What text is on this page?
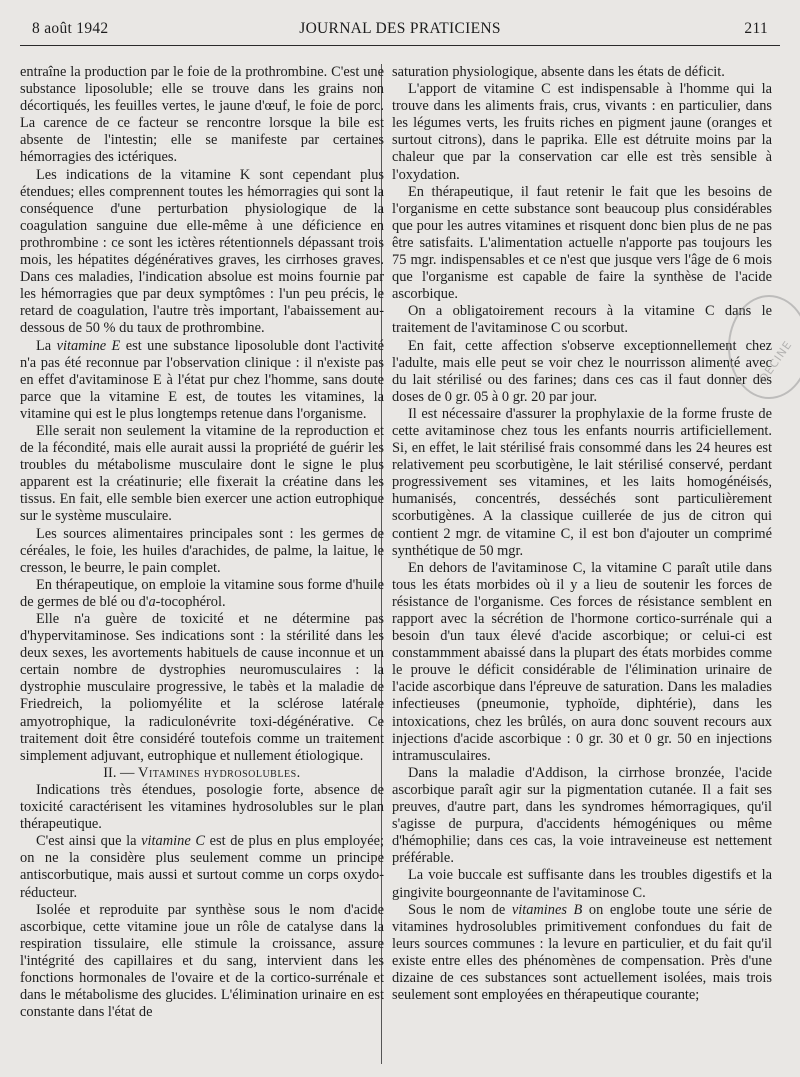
8 août 1942	JOURNAL DES PRATICIENS	211

entraîne la production par le foie de la prothrombine. C'est une substance liposoluble; elle se trouve dans les grains non décortiqués, les feuilles vertes, le jaune d'œuf, le foie de porc. La carence de ce facteur se rencontre lorsque la bile est absente de l'intestin; elle se manifeste par certaines hémorragies des ictériques.

Les indications de la vitamine K sont cependant plus étendues; elles comprennent toutes les hémorragies qui sont la conséquence d'une perturbation physiologique de la coagulation sanguine due elle-même à une déficience en prothrombine : ce sont les ictères rétentionnels dépassant trois mois, les hépatites dégénératives graves, les cirrhoses graves. Dans ces maladies, l'indication absolue est moins fournie par les hémorragies que par deux symptômes : l'un peu précis, le retard de coagulation, l'autre très important, l'abaissement au-dessous de 50 % du taux de prothrombine.

La vitamine E est une substance liposoluble dont l'activité n'a pas été reconnue par l'observation clinique : il n'existe pas en effet d'avitaminose E à l'état pur chez l'homme, sans doute parce que la vitamine E est, de toutes les vitamines, la vitamine qui est le plus longtemps retenue dans l'organisme.

Elle serait non seulement la vitamine de la reproduction et de la fécondité, mais elle aurait aussi la propriété de guérir les troubles du métabolisme musculaire dont le signe le plus apparent est la créatinurie; elle fixerait la créatine dans les tissus. En fait, elle semble bien exercer une action eutrophique sur le système musculaire.

Les sources alimentaires principales sont : les germes de céréales, le foie, les huiles d'arachides, de palme, la laitue, le cresson, le beurre, le pain complet.

En thérapeutique, on emploie la vitamine sous forme d'huile de germes de blé ou d'a-tocophérol.

Elle n'a guère de toxicité et ne détermine pas d'hypervitaminose. Ses indications sont : la stérilité dans les deux sexes, les avortements habituels de cause inconnue et un certain nombre de dystrophies neuromusculaires : la dystrophie musculaire progressive, le tabès et la maladie de Friedreich, la poliomyélite et la sclérose latérale amyotrophique, la radiculonévrite toxi-dégénérative. Ce traitement doit être considéré toutefois comme un traitement simplement adjuvant, eutrophique et nullement étiologique.

II. — Vitamines hydrosolubles.

Indications très étendues, posologie forte, absence de toxicité caractérisent les vitamines hydrosolubles sur le plan thérapeutique.

C'est ainsi que la vitamine C est de plus en plus employée; on ne la considère plus seulement comme un principe antiscorbutique, mais aussi et surtout comme un corps oxydo-réducteur.

Isolée et reproduite par synthèse sous le nom d'acide ascorbique, cette vitamine joue un rôle de catalyse dans la respiration tissulaire, elle stimule la croissance, assure l'intégrité des capillaires et du sang, intervient dans les fonctions hormonales de l'ovaire et de la cortico-surrénale et dans le métabolisme des glucides. L'élimination urinaire en est constante dans l'état de

saturation physiologique, absente dans les états de déficit.

L'apport de vitamine C est indispensable à l'homme qui la trouve dans les aliments frais, crus, vivants : en particulier, dans les légumes verts, les fruits riches en pigment jaune (oranges et surtout citrons), dans le paprika. Elle est détruite moins par la chaleur que par la conservation car elle est très sensible à l'oxydation.

En thérapeutique, il faut retenir le fait que les besoins de l'organisme en cette substance sont beaucoup plus considérables que pour les autres vitamines et risquent donc bien plus de ne pas être satisfaits. L'alimentation actuelle n'apporte pas toujours les 75 mgr. indispensables et ce n'est que jusque vers l'âge de 6 mois que l'organisme est capable de faire la synthèse de l'acide ascorbique.

On a obligatoirement recours à la vitamine C dans le traitement de l'avitaminose C ou scorbut.

En fait, cette affection s'observe exceptionnellement chez l'adulte, mais elle peut se voir chez le nourrisson alimenté avec du lait stérilisé ou des farines; dans ces cas il faut donner des doses de 0 gr. 05 à 0 gr. 20 par jour.

Il est nécessaire d'assurer la prophylaxie de la forme fruste de cette avitaminose chez tous les enfants nourris artificiellement. Si, en effet, le lait stérilisé frais consommé dans les 24 heures est relativement peu scorbutigène, le lait stérilisé conservé, perdant progressivement ses vitamines, et les laits homogénéisés, humanisés, concentrés, desséchés sont particulièrement scorbutigènes. A la classique cuillerée de jus de citron qui contient 2 mgr. de vitamine C, il est bon d'ajouter un comprimé synthétique de 50 mgr.

En dehors de l'avitaminose C, la vitamine C paraît utile dans tous les états morbides où il y a lieu de soutenir les forces de résistance de l'organisme. Ces forces de résistance semblent en rapport avec la sécrétion de l'hormone cortico-surrénale qui a besoin d'un taux élevé d'acide ascorbique; or celui-ci est constammment abaissé dans la plupart des états morbides comme le prouve le déficit considérable de l'élimination urinaire de l'acide ascorbique dans l'épreuve de saturation. Dans les maladies infectieuses (pneumonie, typhoïde, diphtérie), dans les intoxications, chez les brûlés, on aura donc souvent recours aux injections d'acide ascorbique : 0 gr. 30 et 0 gr. 50 en injections intramusculaires.

Dans la maladie d'Addison, la cirrhose bronzée, l'acide ascorbique paraît agir sur la pigmentation cutanée. Il a fait ses preuves, d'autre part, dans les syndromes hémorragiques, qu'il s'agisse de purpura, d'accidents hémogéniques ou même d'hémophilie; dans ces cas, la voie intraveineuse est nettement préférable.

La voie buccale est suffisante dans les troubles digestifs et la gingivite bourgeonnante de l'avitaminose C.

Sous le nom de vitamines B on englobe toute une série de vitamines hydrosolubles primitivement confondues du fait de leurs sources communes : la levure en particulier, et du fait qu'il existe entre elles des phénomènes de compensation. Près d'une dizaine de ces substances sont actuellement isolées, mais trois seulement sont employées en thérapeutique courante;

DECINE
